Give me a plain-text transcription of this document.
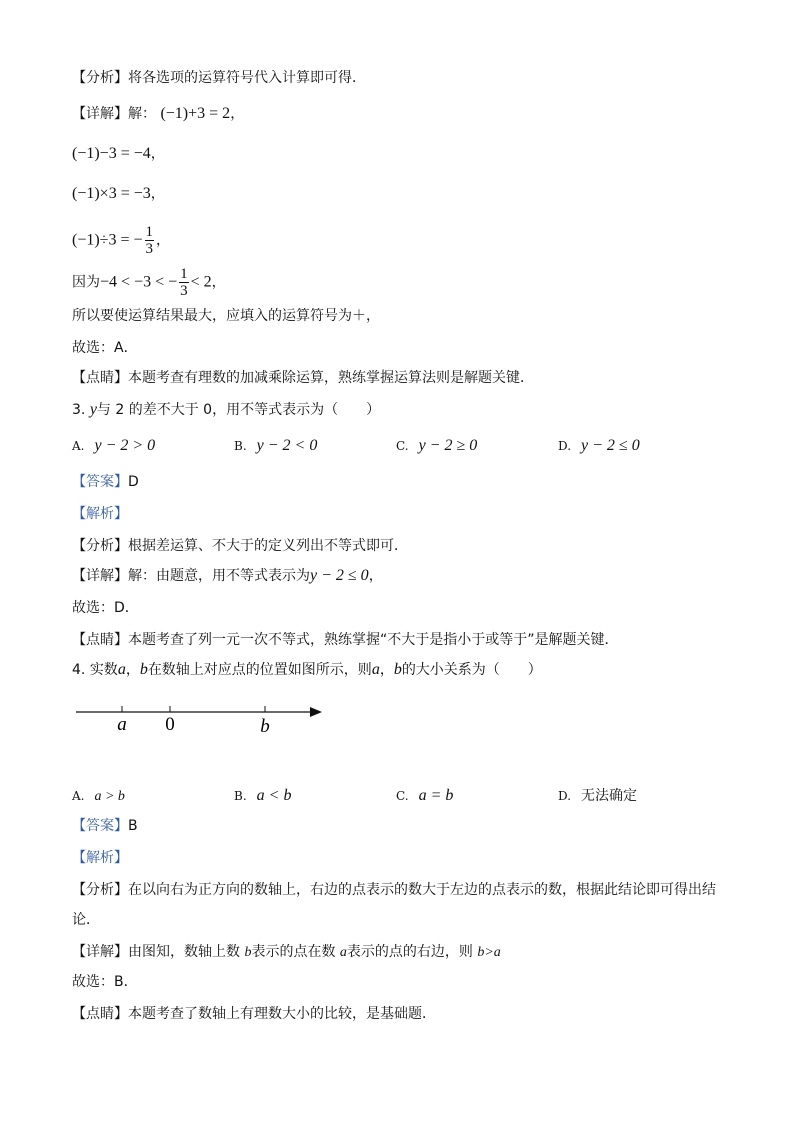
【分析】将各选项的运算符号代入计算即可得．
【详解】解： (−1)+3 = 2，
(−1)−3 = −4，
(−1)×3 = −3，
(−1)÷3 = − $\frac{1}{3}$ ，
因为−4 < −3 < − $\frac{1}{3} < 2$，
所以要使运算结果最大，应填入的运算符号为＋，
故选：A．
【点睛】本题考查有理数的加减乘除运算，熟练掌握运算法则是解题关键．
3. y与 2 的差不大于 0，用不等式表示为（　　）
A. y − 2 > 0	B. y − 2 < 0	C. y − 2 ≥ 0	D. y − 2 ≤ 0
【答案】D
【解析】
【分析】根据差运算、不大于的定义列出不等式即可．
【详解】解：由题意，用不等式表示为y − 2 ≤ 0，
故选：D．
【点睛】本题考查了列一元一次不等式，熟练掌握“不大于是指小于或等于”是解题关键．
4. 实数a，b在数轴上对应点的位置如图所示，则a，b的大小关系为（　　）
a 0	b
A. a > b	B. a < b	C. a = b	D. 无法确定
【答案】B
【解析】
【分析】在以向右为正方向的数轴上，右边的点表示的数大于左边的点表示的数，根据此结论即可得出结
论．
【详解】由图知，数轴上数 b表示的点在数 a表示的点的右边，则 b>a
故选：B．
【点睛】本题考查了数轴上有理数大小的比较，是基础题．
